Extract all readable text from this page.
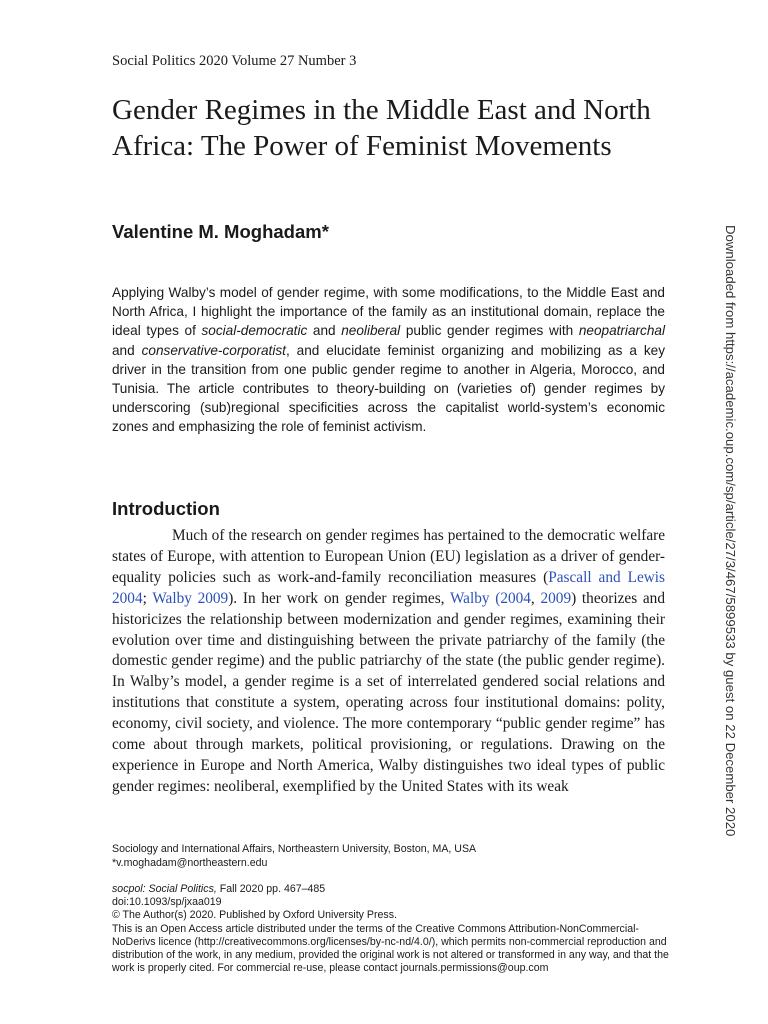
Social Politics 2020 Volume 27 Number 3
Gender Regimes in the Middle East and North Africa: The Power of Feminist Movements
Valentine M. Moghadam*

Applying Walby’s model of gender regime, with some modifications, to the Middle East and North Africa, I highlight the importance of the family as an institutional domain, replace the ideal types of social-democratic and neoliberal public gender regimes with neopatriarchal and conservative-corporatist, and elucidate feminist organizing and mobilizing as a key driver in the transition from one public gender regime to another in Algeria, Morocco, and Tunisia. The article contributes to theory-building on (varieties of) gender regimes by underscoring (sub)regional specificities across the capitalist world-system’s economic zones and emphasizing the role of feminist activism.

Introduction

Much of the research on gender regimes has pertained to the democratic welfare states of Europe, with attention to European Union (EU) legislation as a driver of gender-equality policies such as work-and-family reconciliation measures (Pascall and Lewis 2004; Walby 2009). In her work on gender regimes, Walby (2004, 2009) theorizes and historicizes the relationship between modernization and gender regimes, examining their evolution over time and distinguishing between the private patriarchy of the family (the domestic gender regime) and the public patriarchy of the state (the public gender regime). In Walby’s model, a gender regime is a set of interrelated gendered social relations and institutions that constitute a system, operating across four institutional domains: polity, economy, civil society, and violence. The more contemporary “public gender regime” has come about through markets, political provisioning, or regulations. Drawing on the experience in Europe and North America, Walby distinguishes two ideal types of public gender regimes: neoliberal, exemplified by the United States with its weak

Sociology and International Affairs, Northeastern University, Boston, MA, USA
*v.moghadam@northeastern.edu
socpol: Social Politics, Fall 2020 pp. 467–485
doi:10.1093/sp/jxaa019
© The Author(s) 2020. Published by Oxford University Press.
This is an Open Access article distributed under the terms of the Creative Commons Attribution-NonCommercial-NoDerivs licence (http://creativecommons.org/licenses/by-nc-nd/4.0/), which permits non-commercial reproduction and distribution of the work, in any medium, provided the original work is not altered or transformed in any way, and that the work is properly cited. For commercial re-use, please contact journals.permissions@oup.com
Downloaded from https://academic.oup.com/sp/article/27/3/467/5899533 by guest on 22 December 2020
